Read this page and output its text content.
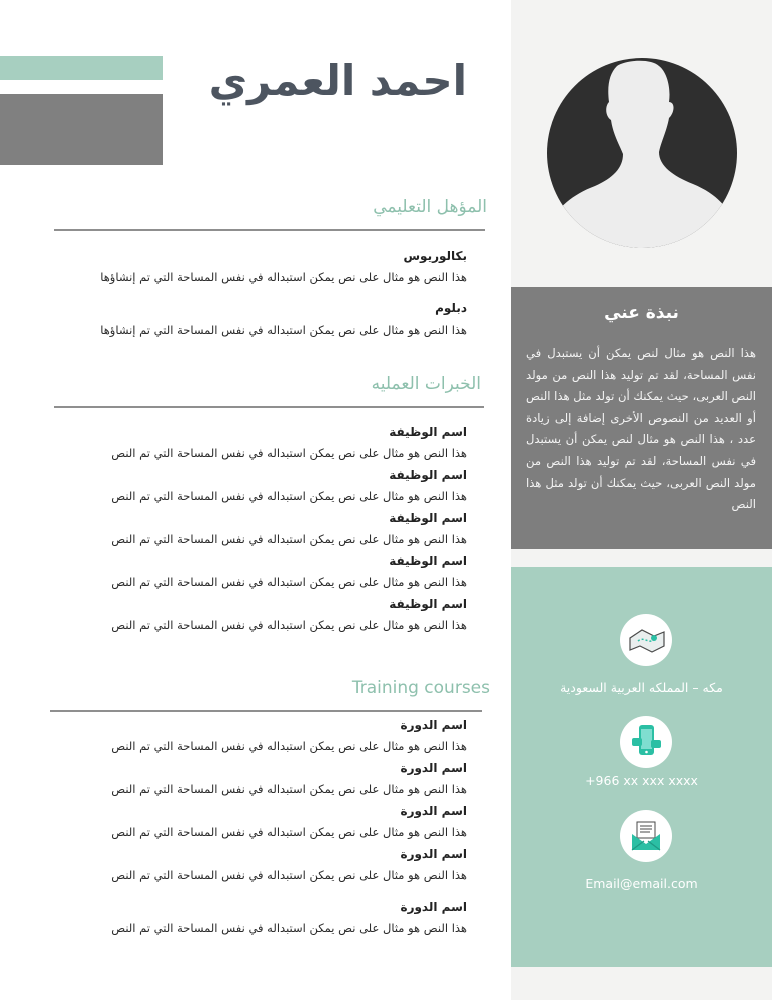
نبذة عني
هذا النص هو مثال لنص يمكن أن يستبدل في نفس المساحة، لقد تم توليد هذا النص من مولد النص العربى، حيث يمكنك أن تولد مثل هذا النص أو العديد من النصوص الأخرى إضافة إلى زيادة عدد ، هذا النص هو مثال لنص يمكن أن يستبدل في نفس المساحة، لقد تم توليد هذا النص من مولد النص العربى، حيث يمكنك أن تولد مثل هذا النص
مكه – المملكه العربية السعودية
+966 xx xxx xxxx
Email@email.com
احمد العمري
المؤهل التعليمي
بكالوريوس
هذا النص هو مثال على نص يمكن استبداله في نفس المساحة التي تم إنشاؤها
دبلوم
هذا النص هو مثال على نص يمكن استبداله في نفس المساحة التي تم إنشاؤها
الخبرات العمليه
اسم الوظيفة
هذا النص هو مثال على نص يمكن استبداله في نفس المساحة التي تم النص
اسم الوظيفة
هذا النص هو مثال على نص يمكن استبداله في نفس المساحة التي تم النص
اسم الوظيفة
هذا النص هو مثال على نص يمكن استبداله في نفس المساحة التي تم النص
اسم الوظيفة
هذا النص هو مثال على نص يمكن استبداله في نفس المساحة التي تم النص
اسم الوظيفة
هذا النص هو مثال على نص يمكن استبداله في نفس المساحة التي تم النص
Training courses
اسم الدورة
هذا النص هو مثال على نص يمكن استبداله في نفس المساحة التي تم النص
اسم الدورة
هذا النص هو مثال على نص يمكن استبداله في نفس المساحة التي تم النص
اسم الدورة
هذا النص هو مثال على نص يمكن استبداله في نفس المساحة التي تم النص
اسم الدورة
هذا النص هو مثال على نص يمكن استبداله في نفس المساحة التي تم النص
اسم الدورة
هذا النص هو مثال على نص يمكن استبداله في نفس المساحة التي تم النص
